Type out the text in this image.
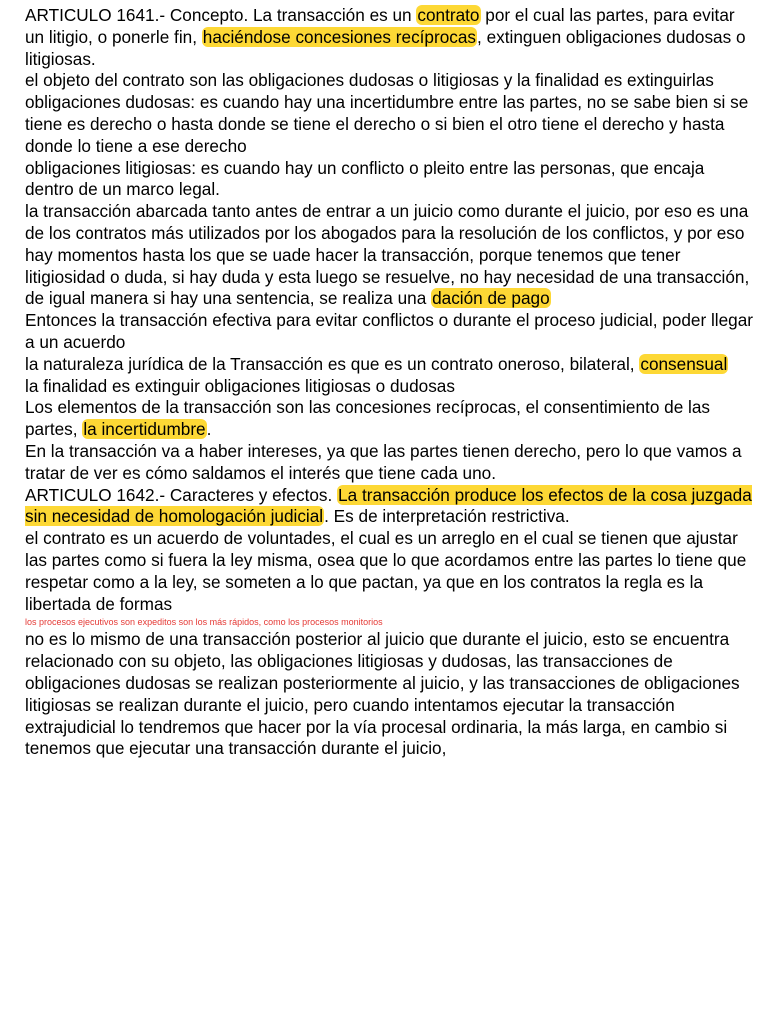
ARTICULO 1641.- Concepto. La transacción es un contrato por el cual las partes, para evitar un litigio, o ponerle fin, haciéndose concesiones recíprocas, extinguen obligaciones dudosas o litigiosas.

el objeto del contrato son las obligaciones dudosas o litigiosas y la finalidad es extinguirlas

obligaciones dudosas: es cuando hay una incertidumbre entre las partes, no se sabe bien si se tiene es derecho o hasta donde se tiene el derecho o si bien el otro tiene el derecho y hasta donde lo tiene a ese derecho

obligaciones litigiosas: es cuando hay un conflicto o pleito entre las personas, que encaja dentro de un marco legal.

la transacción abarcada tanto antes de entrar a un juicio como durante el juicio, por eso es una de los contratos más utilizados por los abogados para la resolución de los conflictos, y por eso hay momentos hasta los que se uade hacer la transacción, porque tenemos que tener litigiosidad o duda, si hay duda y esta luego se resuelve, no hay necesidad de una transacción, de igual manera si hay una sentencia, se realiza una dación de pago

Entonces la transacción efectiva para evitar conflictos o durante el proceso judicial, poder llegar a un acuerdo

la naturaleza jurídica de la Transacción es que es un contrato oneroso, bilateral, consensual

la finalidad es extinguir obligaciones litigiosas o dudosas

Los elementos de la transacción son las concesiones recíprocas, el consentimiento de las partes, la incertidumbre.

En la transacción va a haber intereses, ya que las partes tienen derecho, pero lo que vamos a tratar de ver es cómo saldamos el interés que tiene cada uno.

ARTICULO 1642.- Caracteres y efectos. La transacción produce los efectos de la cosa juzgada sin necesidad de homologación judicial. Es de interpretación restrictiva.

el contrato es un acuerdo de voluntades, el cual es un arreglo en el cual se tienen que ajustar las partes como si fuera la ley misma, osea que lo que acordamos entre las partes lo tiene que respetar como a la ley, se someten a lo que pactan, ya que en los contratos la regla es la libertada de formas

los procesos ejecutivos son expeditos son los más rápidos, como los procesos monitorios

no es lo mismo de una transacción posterior al juicio que durante el juicio, esto se encuentra relacionado con su objeto, las obligaciones litigiosas y dudosas, las transacciones de obligaciones dudosas se realizan posteriormente al juicio, y las transacciones de obligaciones litigiosas se realizan durante el juicio, pero cuando intentamos ejecutar la transacción extrajudicial lo tendremos que hacer por la vía procesal ordinaria, la más larga, en cambio si tenemos que ejecutar una transacción durante el juicio,
